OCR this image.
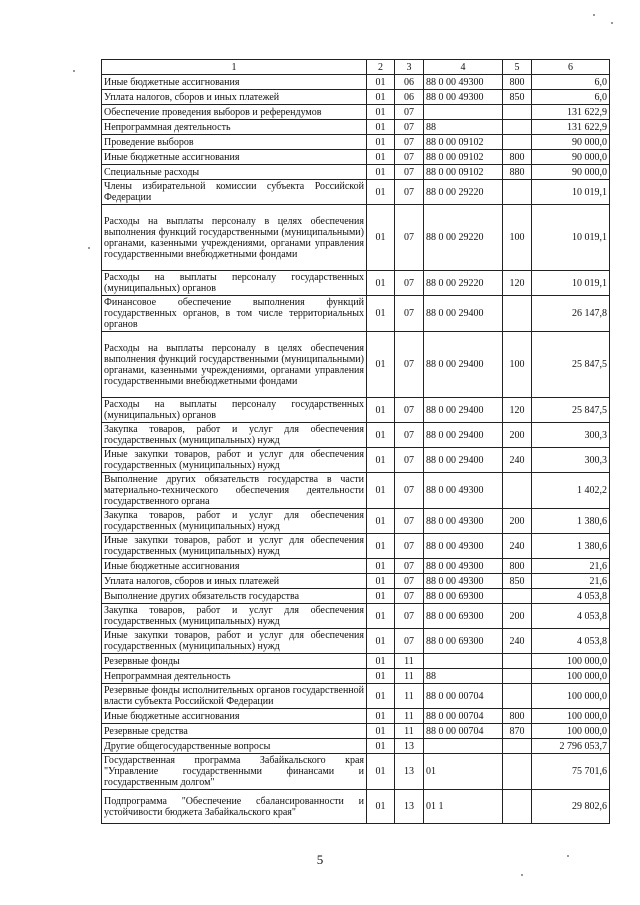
1	2	3	4	5	6
Иные бюджетные ассигнования	01	06	88 0 00 49300	800	6,0
Уплата налогов, сборов и иных платежей	01	06	88 0 00 49300	850	6,0
Обеспечение проведения выборов и референдумов	01	07			131 622,9
Непрограммная деятельность	01	07	88		131 622,9
Проведение выборов	01	07	88 0 00 09102		90 000,0
Иные бюджетные ассигнования	01	07	88 0 00 09102	800	90 000,0
Специальные расходы	01	07	88 0 00 09102	880	90 000,0
Члены избирательной комиссии субъекта Российской Федерации	01	07	88 0 00 29220		10 019,1
Расходы на выплаты персоналу в целях обеспечения выполнения функций государственными (муниципальными) органами, казенными учреждениями, органами управления государственными внебюджетными фондами	01	07	88 0 00 29220	100	10 019,1
Расходы на выплаты персоналу государственных (муниципальных) органов	01	07	88 0 00 29220	120	10 019,1
Финансовое обеспечение выполнения функций государственных органов, в том числе территориальных органов	01	07	88 0 00 29400		26 147,8
Расходы на выплаты персоналу в целях обеспечения выполнения функций государственными (муниципальными) органами, казенными учреждениями, органами управления государственными внебюджетными фондами	01	07	88 0 00 29400	100	25 847,5
Расходы на выплаты персоналу государственных (муниципальных) органов	01	07	88 0 00 29400	120	25 847,5
Закупка товаров, работ и услуг для обеспечения государственных (муниципальных) нужд	01	07	88 0 00 29400	200	300,3
Иные закупки товаров, работ и услуг для обеспечения государственных (муниципальных) нужд	01	07	88 0 00 29400	240	300,3
Выполнение других обязательств государства в части материально-технического обеспечения деятельности государственного органа	01	07	88 0 00 49300		1 402,2
Закупка товаров, работ и услуг для обеспечения государственных (муниципальных) нужд	01	07	88 0 00 49300	200	1 380,6
Иные закупки товаров, работ и услуг для обеспечения государственных (муниципальных) нужд	01	07	88 0 00 49300	240	1 380,6
Иные бюджетные ассигнования	01	07	88 0 00 49300	800	21,6
Уплата налогов, сборов и иных платежей	01	07	88 0 00 49300	850	21,6
Выполнение других обязательств государства	01	07	88 0 00 69300		4 053,8
Закупка товаров, работ и услуг для обеспечения государственных (муниципальных) нужд	01	07	88 0 00 69300	200	4 053,8
Иные закупки товаров, работ и услуг для обеспечения государственных (муниципальных) нужд	01	07	88 0 00 69300	240	4 053,8
Резервные фонды	01	11			100 000,0
Непрограммная деятельность	01	11	88		100 000,0
Резервные фонды исполнительных органов государственной власти субъекта Российской Федерации	01	11	88 0 00 00704		100 000,0
Иные бюджетные ассигнования	01	11	88 0 00 00704	800	100 000,0
Резервные средства	01	11	88 0 00 00704	870	100 000,0
Другие общегосударственные вопросы	01	13			2 796 053,7
Государственная программа Забайкальского края "Управление государственными финансами и государственным долгом"	01	13	01		75 701,6
Подпрограмма "Обеспечение сбалансированности и устойчивости бюджета Забайкальского края"	01	13	01 1		29 802,6
5
